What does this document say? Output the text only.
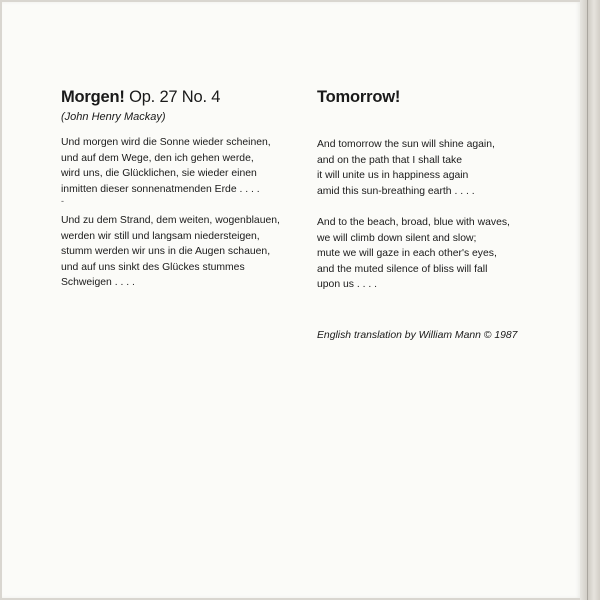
Morgen! Op. 27 No. 4
(John Henry Mackay)
Und morgen wird die Sonne wieder scheinen,
und auf dem Wege, den ich gehen werde,
wird uns, die Glücklichen, sie wieder einen
inmitten dieser sonnenatmenden Erde . . . .
-
Und zu dem Strand, dem weiten, wogenblauen,
werden wir still und langsam niedersteigen,
stumm werden wir uns in die Augen schauen,
und auf uns sinkt des Glückes stummes
Schweigen . . . .
Tomorrow!
And tomorrow the sun will shine again,
and on the path that I shall take
it will unite us in happiness again
amid this sun-breathing earth . . . .
And to the beach, broad, blue with waves,
we will climb down silent and slow;
mute we will gaze in each other's eyes,
and the muted silence of bliss will fall
upon us . . . .
English translation by William Mann © 1987
